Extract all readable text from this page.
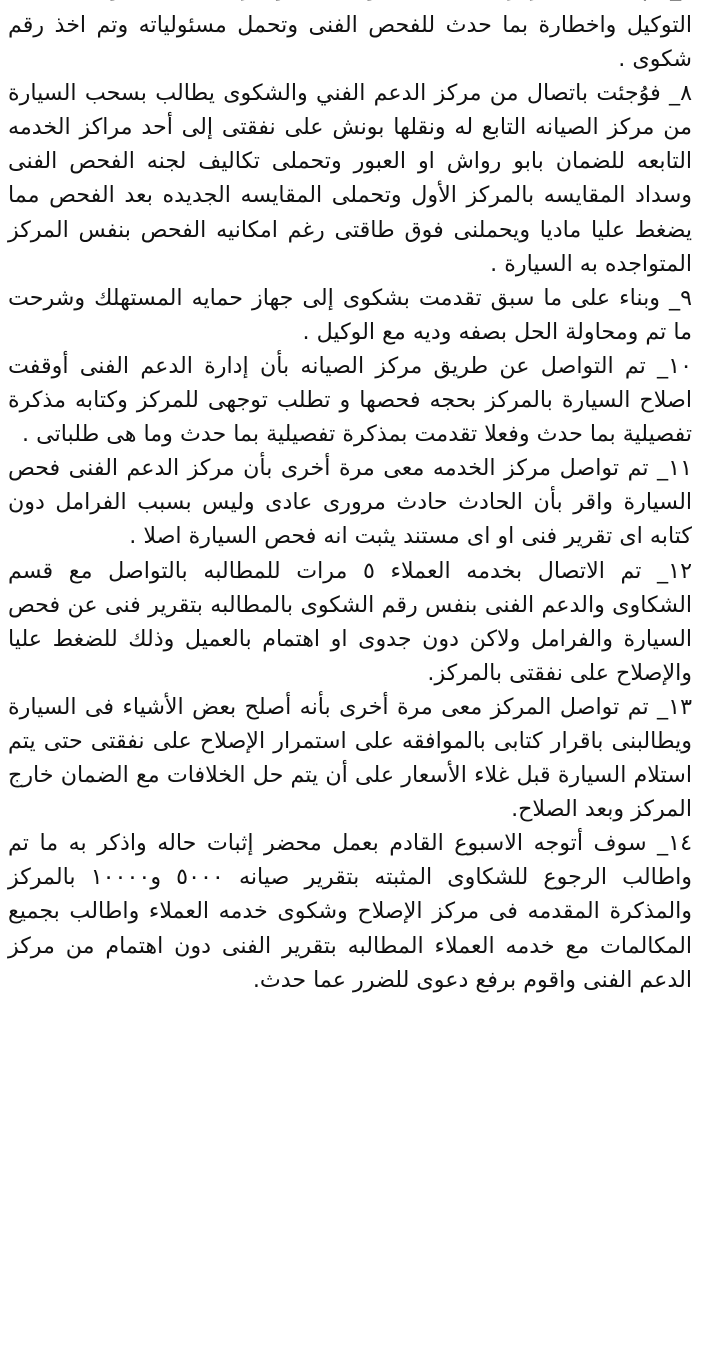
التوكيل واخطارة بما حدث للفحص الفنى وتحمل مسئولياته وتم اخذ رقم شكوى .

٨_ فوُجئت باتصال من مركز الدعم الفني والشكوى يطالب بسحب السيارة من مركز الصيانه التابع له ونقلها بونش على نفقتى إلى أحد مراكز الخدمه التابعه للضمان بابو رواش او العبور وتحملى تكاليف لجنه الفحص الفنى وسداد المقايسه بالمركز الأول وتحملى المقايسه الجديده بعد الفحص مما يضغط عليا ماديا ويحملنى فوق طاقتى رغم امكانيه الفحص بنفس المركز المتواجده به السيارة .

٩_ وبناء على ما سبق تقدمت بشكوى إلى جهاز حمايه المستهلك وشرحت ما تم ومحاولة الحل بصفه وديه مع الوكيل .

١٠_ تم التواصل عن طريق مركز الصيانه بأن إدارة الدعم الفنى أوقفت اصلاح السيارة بالمركز بحجه فحصها و تطلب توجهى للمركز وكتابه مذكرة تفصيلية بما حدث وفعلا تقدمت بمذكرة تفصيلية بما حدث وما هى طلباتى .

١١_ تم تواصل مركز الخدمه معى مرة أخرى بأن مركز الدعم الفنى فحص السيارة واقر بأن الحادث حادث مرورى عادى وليس بسبب الفرامل دون كتابه اى تقرير فنى او اى مستند يثبت انه فحص السيارة اصلا .

١٢_ تم الاتصال بخدمه العملاء ٥ مرات للمطالبه بالتواصل مع قسم الشكاوى والدعم الفنى بنفس رقم الشكوى بالمطالبه بتقرير فنى عن فحص السيارة والفرامل ولاكن دون جدوى او اهتمام بالعميل وذلك للضغط عليا والإصلاح على نفقتى بالمركز.

١٣_ تم تواصل المركز معى مرة أخرى بأنه أصلح بعض الأشياء فى السيارة ويطالبنى باقرار كتابى بالموافقه على استمرار الإصلاح على نفقتى حتى يتم استلام السيارة قبل غلاء الأسعار على أن يتم حل الخلافات مع الضمان خارج المركز وبعد الصلاح.

١٤_ سوف أتوجه الاسبوع القادم بعمل محضر إثبات حاله واذكر به ما تم واطالب الرجوع للشكاوى المثبته بتقرير صيانه ٥٠٠٠ و١٠٠٠٠ بالمركز والمذكرة المقدمه فى مركز الإصلاح وشكوى خدمه العملاء واطالب بجميع المكالمات مع خدمه العملاء المطالبه بتقرير الفنى دون اهتمام من مركز الدعم الفنى واقوم برفع دعوى للضرر عما حدث.
